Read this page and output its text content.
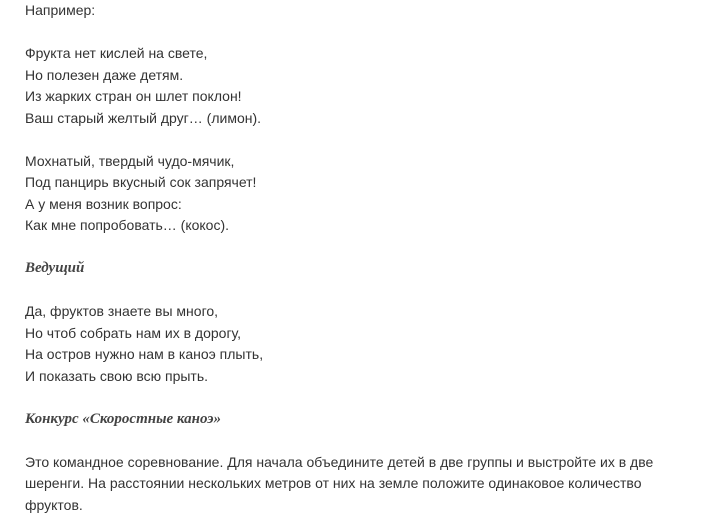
Например:
Фрукта нет кислей на свете,
Но полезен даже детям.
Из жарких стран он шлет поклон!
Ваш старый желтый друг… (лимон).
Мохнатый, твердый чудо-мячик,
Под панцирь вкусный сок запрячет!
А у меня возник вопрос:
Как мне попробовать… (кокос).
Ведущий
Да, фруктов знаете вы много,
Но чтоб собрать нам их в дорогу,
На остров нужно нам в каноэ плыть,
И показать свою всю прыть.
Конкурс «Скоростные каноэ»
Это командное соревнование. Для начала объедините детей в две группы и выстройте их в две
шеренги. На расстоянии нескольких метров от них на земле положите одинаковое количество
фруктов.
